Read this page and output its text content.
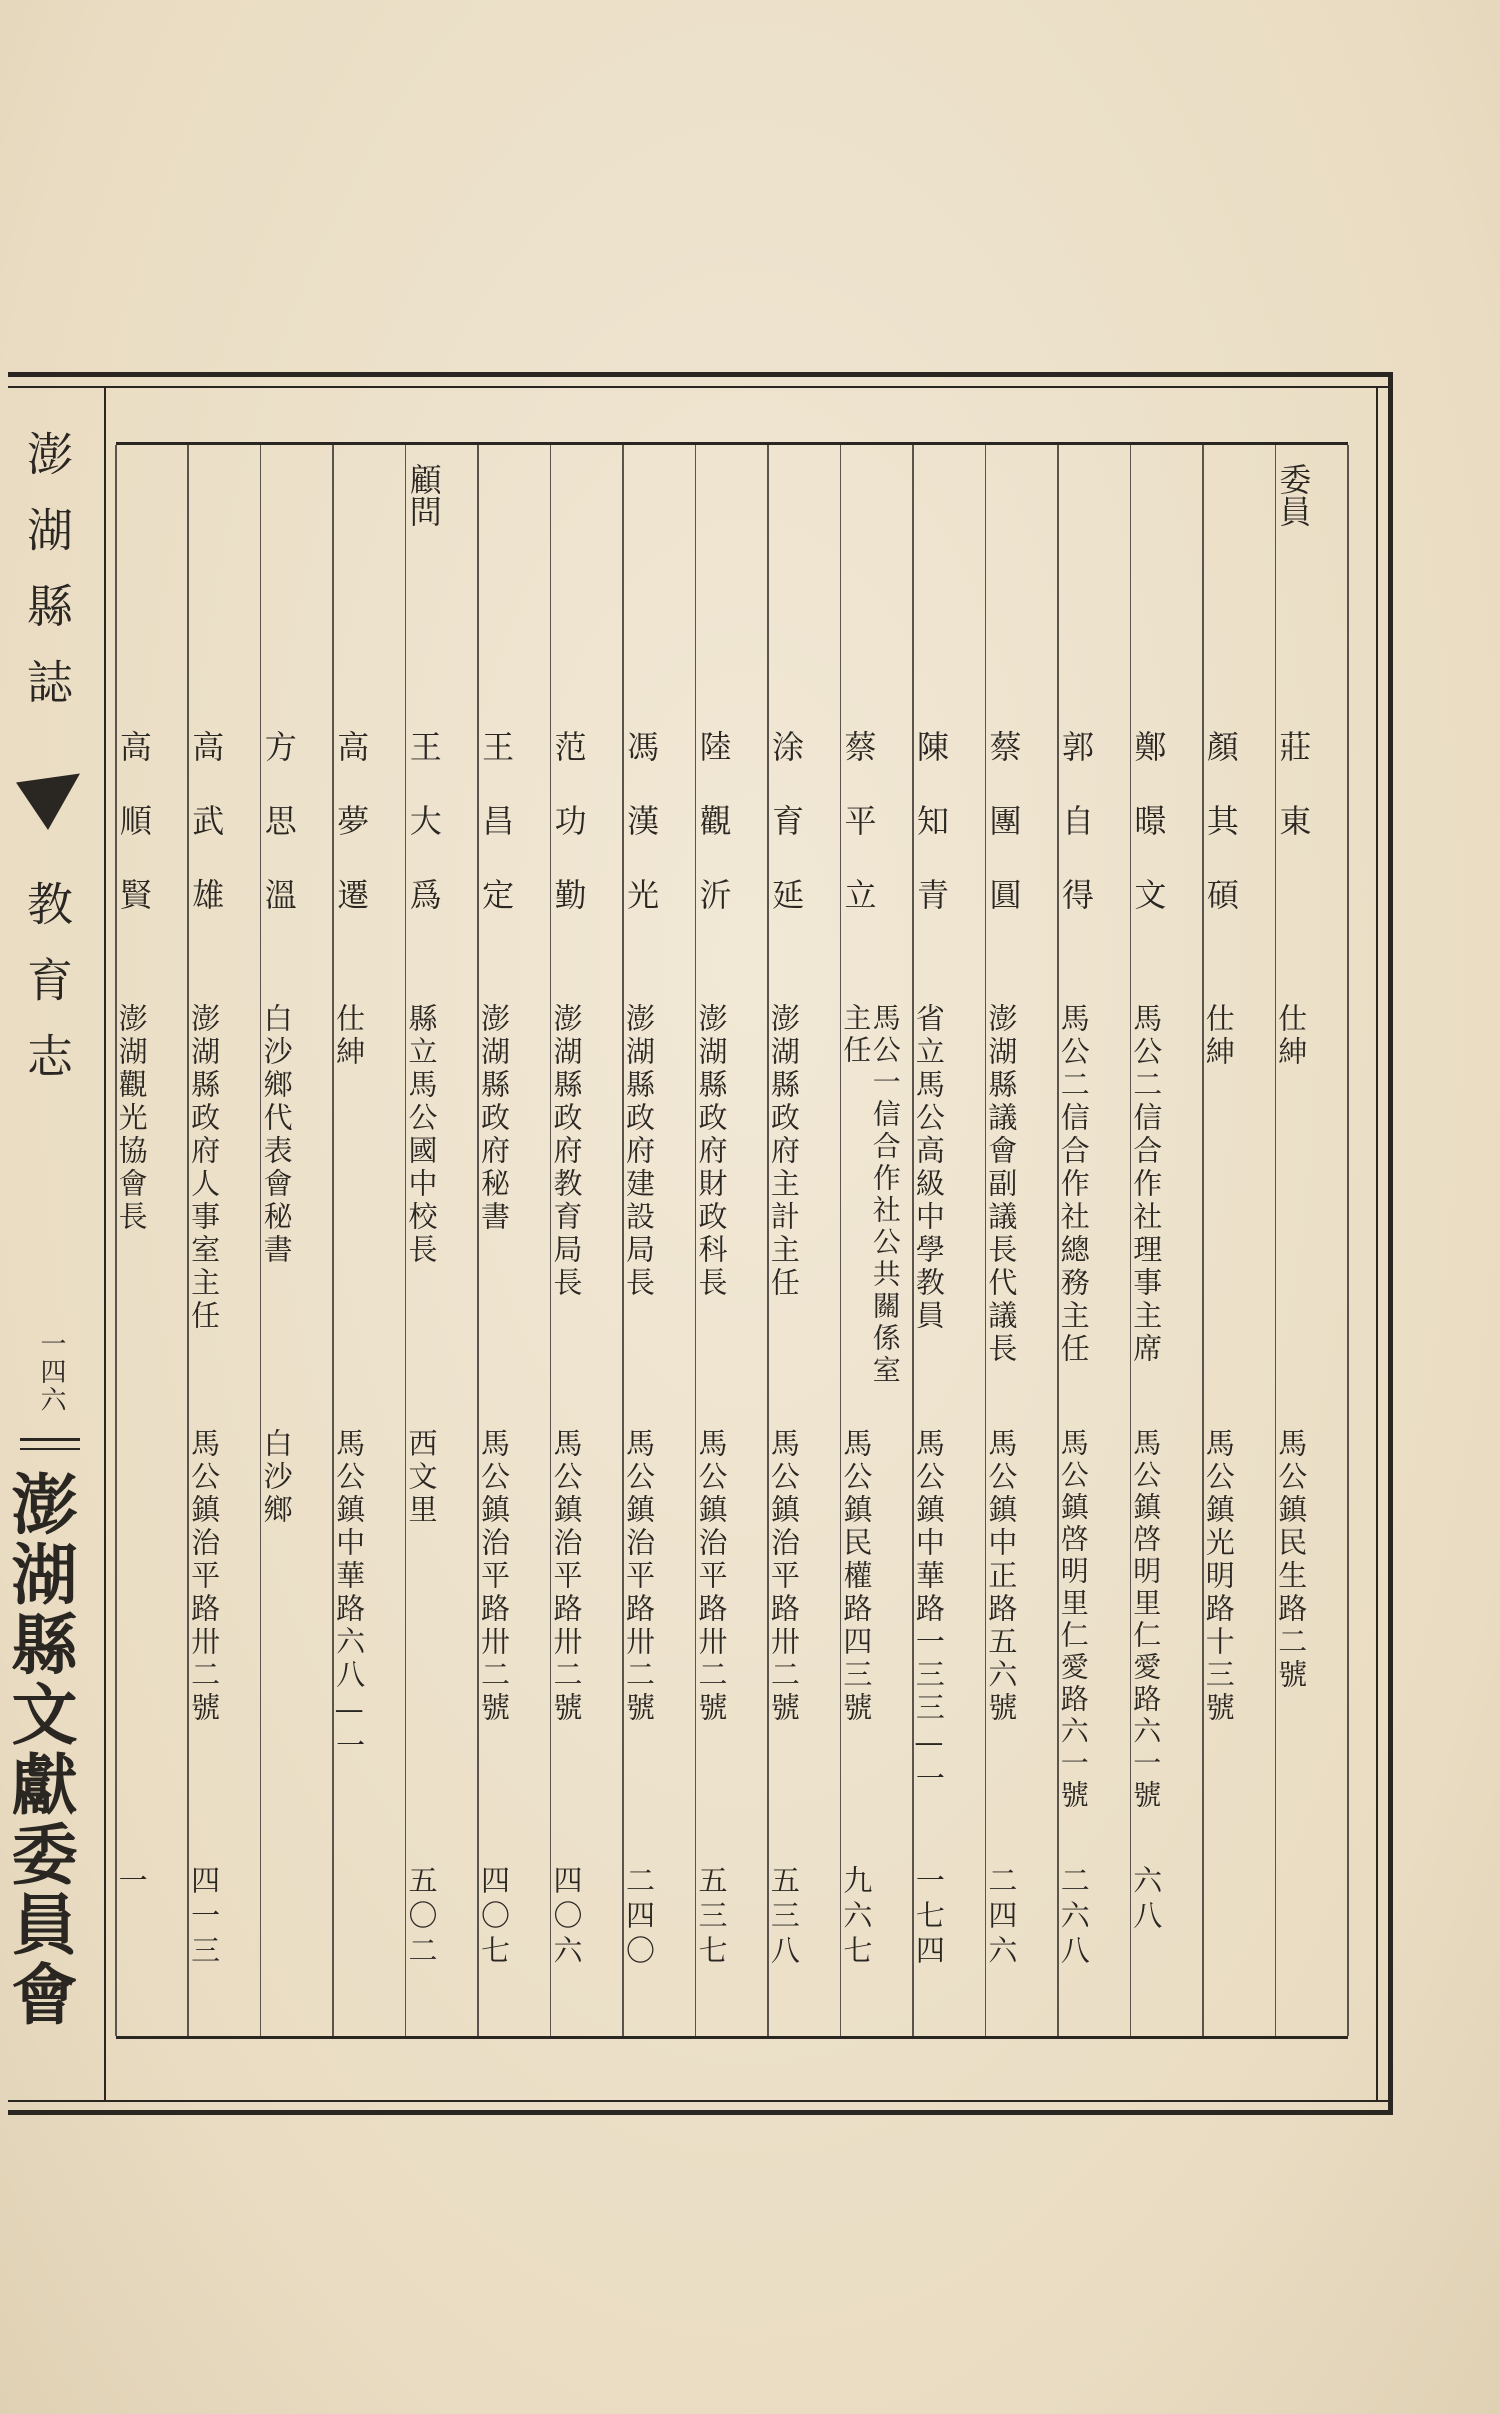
澎湖縣誌
教育志
一四六
澎湖縣文獻委員會
委員
莊東
仕紳
馬公鎮民生路二號
顏其碩
仕紳
馬公鎮光明路十三號
鄭暻文
馬公二信合作社理事主席
馬公鎮啓明里仁愛路六一號
六八
郭自得
馬公二信合作社總務主任
馬公鎮啓明里仁愛路六一號
二六八
蔡團圓
澎湖縣議會副議長代議長
馬公鎮中正路五六號
二四六
陳知青
省立馬公高級中學教員
馬公鎮中華路一三三—一
一七四
蔡平立
馬公一信合作社公共關係室主任
馬公鎮民權路四三號
九六七
涂育延
澎湖縣政府主計主任
馬公鎮治平路卅二號
五三八
陸觀沂
澎湖縣政府財政科長
馬公鎮治平路卅二號
五三七
馮漢光
澎湖縣政府建設局長
馬公鎮治平路卅二號
二四〇
范功勤
澎湖縣政府教育局長
馬公鎮治平路卅二號
四〇六
王昌定
澎湖縣政府秘書
馬公鎮治平路卅二號
四〇七
顧問
王大爲
縣立馬公國中校長
西文里
五〇二
高夢遷
仕紳
馬公鎮中華路六八—一
方思溫
白沙鄉代表會秘書
白沙鄉
高武雄
澎湖縣政府人事室主任
馬公鎮治平路卅二號
四一三
高順賢
澎湖觀光協會長
一
